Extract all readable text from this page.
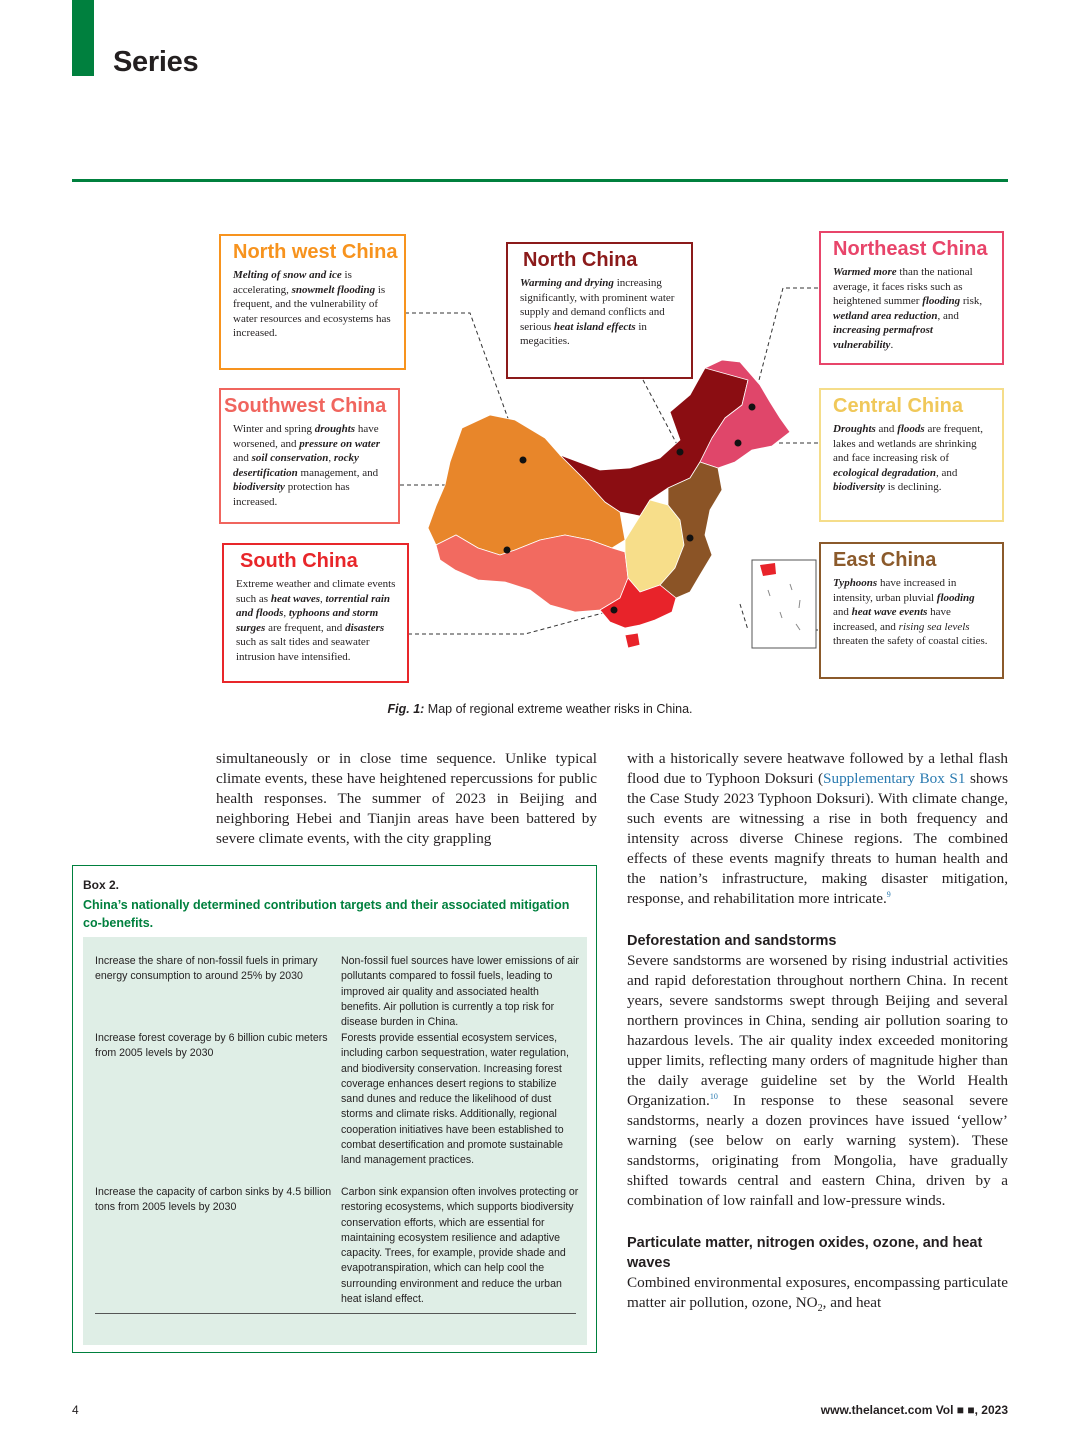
Series
North west China
Melting of snow and ice is accelerating, snowmelt flooding is frequent, and the vulnerability of water resources and ecosystems has increased.
North China
Warming and drying increasing significantly, with prominent water supply and demand conflicts and serious heat island effects in megacities.
Northeast China
Warmed more than the national average, it faces risks such as heightened summer flooding risk, wetland area reduction, and increasing permafrost vulnerability.
Southwest China
Winter and spring droughts have worsened, and pressure on water and soil conservation, rocky desertification management, and biodiversity protection has increased.
Central China
Droughts and floods are frequent, lakes and wetlands are shrinking and face increasing risk of ecological degradation, and biodiversity is declining.
South China
Extreme weather and climate events such as heat waves, torrential rain and floods, typhoons and storm surges are frequent, and disasters such as salt tides and seawater intrusion have intensified.
East China
Typhoons have increased in intensity, urban pluvial flooding and heat wave events have increased, and rising sea levels threaten the safety of coastal cities.
Fig. 1: Map of regional extreme weather risks in China.

simultaneously or in close time sequence. Unlike typical climate events, these have heightened repercussions for public health responses. The summer of 2023 in Beijing and neighboring Hebei and Tianjin areas have been battered by severe climate events, with the city grappling

with a historically severe heatwave followed by a lethal flash flood due to Typhoon Doksuri (Supplementary Box S1 shows the Case Study 2023 Typhoon Doksuri). With climate change, such events are witnessing a rise in both frequency and intensity across diverse Chinese regions. The combined effects of these events magnify threats to human health and the nation’s infrastructure, making disaster mitigation, response, and rehabilitation more intricate.$^9$

Deforestation and sandstorms

Severe sandstorms are worsened by rising industrial activities and rapid deforestation throughout northern China. In recent years, severe sandstorms swept through Beijing and several northern provinces in China, sending air pollution soaring to hazardous levels. The air quality index exceeded monitoring upper limits, reflecting many orders of magnitude higher than the daily average guideline set by the World Health Organization.$^{10}$ In response to these seasonal severe sandstorms, nearly a dozen provinces have issued ‘yellow’ warning (see below on early warning system). These sandstorms, originating from Mongolia, have gradually shifted towards central and eastern China, driven by a combination of low rainfall and low-pressure winds.

Particulate matter, nitrogen oxides, ozone, and heat waves

Combined environmental exposures, encompassing particulate matter air pollution, ozone, $NO_2$, and heat

Box 2.
China’s nationally determined contribution targets and their associated mitigation co-benefits.
Increase the share of non-fossil fuels in primary energy consumption to around 25% by 2030
Non-fossil fuel sources have lower emissions of air pollutants compared to fossil fuels, leading to improved air quality and associated health benefits. Air pollution is currently a top risk for disease burden in China.
Increase forest coverage by 6 billion cubic meters from 2005 levels by 2030
Forests provide essential ecosystem services, including carbon sequestration, water regulation, and biodiversity conservation. Increasing forest coverage enhances desert regions to stabilize sand dunes and reduce the likelihood of dust storms and climate risks. Additionally, regional cooperation initiatives have been established to combat desertification and promote sustainable land management practices.
Increase the capacity of carbon sinks by 4.5 billion tons from 2005 levels by 2030
Carbon sink expansion often involves protecting or restoring ecosystems, which supports biodiversity conservation efforts, which are essential for maintaining ecosystem resilience and adaptive capacity. Trees, for example, provide shade and evapotranspiration, which can help cool the surrounding environment and reduce the urban heat island effect.
4	www.thelancet.com Vol ■ ■, 2023
